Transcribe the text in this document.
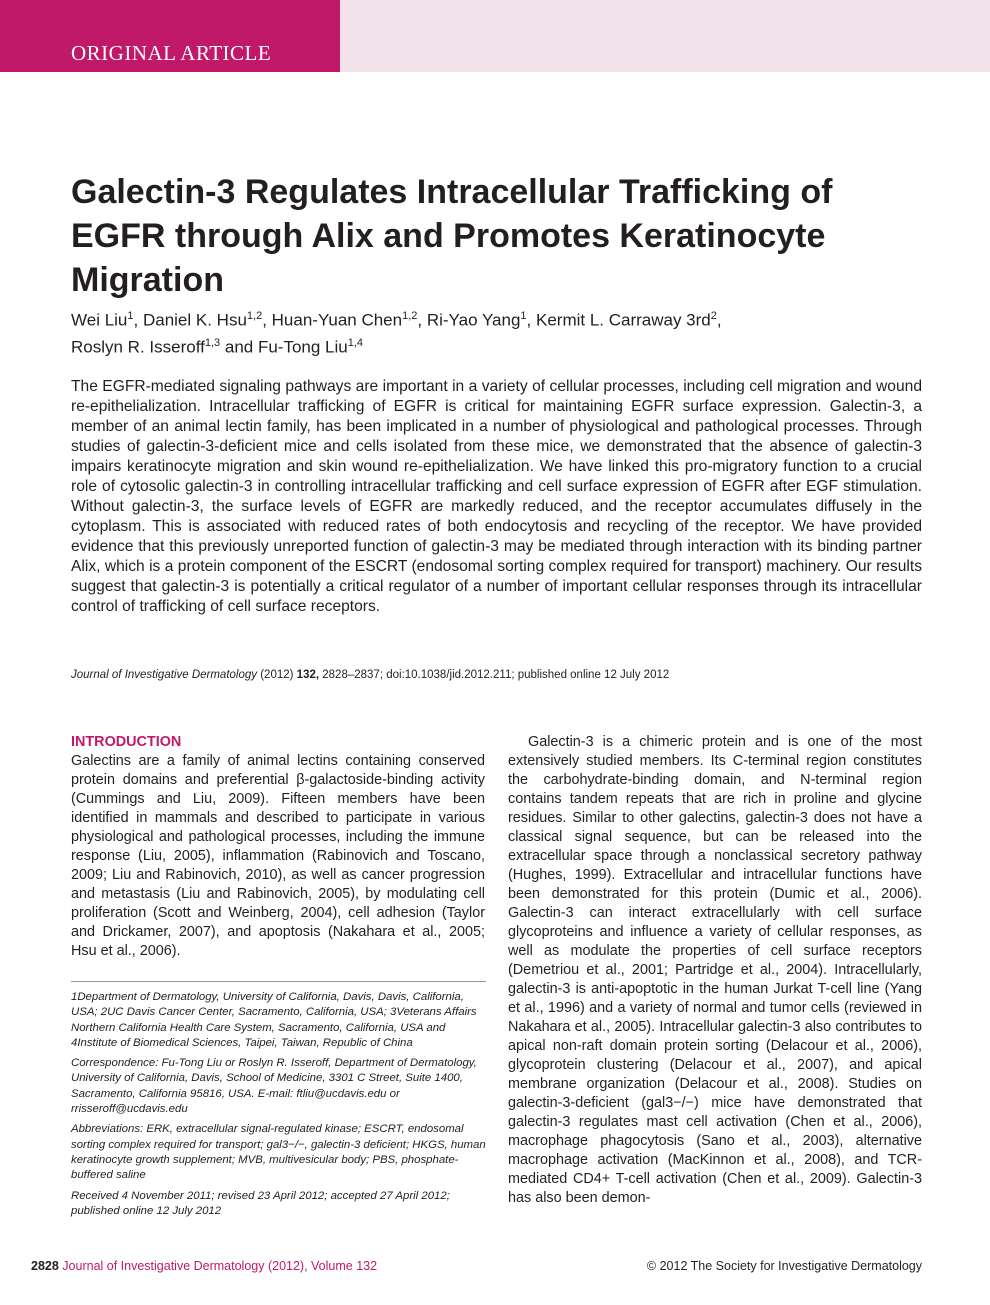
ORIGINAL ARTICLE
Galectin-3 Regulates Intracellular Trafficking of EGFR through Alix and Promotes Keratinocyte Migration
Wei Liu$^1$, Daniel K. Hsu$^{1,2}$, Huan-Yuan Chen$^{1,2}$, Ri-Yao Yang$^1$, Kermit L. Carraway $3rd^2$,
Roslyn R. Isseroff$^{1,3}$ and Fu-Tong Liu$^{1,4}$

The EGFR-mediated signaling pathways are important in a variety of cellular processes, including cell migration and wound re-epithelialization. Intracellular trafficking of EGFR is critical for maintaining EGFR surface expression. Galectin-3, a member of an animal lectin family, has been implicated in a number of physiological and pathological processes. Through studies of galectin-3-deficient mice and cells isolated from these mice, we demonstrated that the absence of galectin-3 impairs keratinocyte migration and skin wound re-epithelialization. We have linked this pro-migratory function to a crucial role of cytosolic galectin-3 in controlling intracellular trafficking and cell surface expression of EGFR after EGF stimulation. Without galectin-3, the surface levels of EGFR are markedly reduced, and the receptor accumulates diffusely in the cytoplasm. This is associated with reduced rates of both endocytosis and recycling of the receptor. We have provided evidence that this previously unreported function of galectin-3 may be mediated through interaction with its binding partner Alix, which is a protein component of the ESCRT (endosomal sorting complex required for transport) machinery. Our results suggest that galectin-3 is potentially a critical regulator of a number of important cellular responses through its intracellular control of trafficking of cell surface receptors.

Journal of Investigative Dermatology (2012) 132, 2828–2837; doi:10.1038/jid.2012.211; published online 12 July 2012

INTRODUCTION

Galectins are a family of animal lectins containing conserved protein domains and preferential β-galactoside-binding activity (Cummings and Liu, 2009). Fifteen members have been identified in mammals and described to participate in various physiological and pathological processes, including the immune response (Liu, 2005), inflammation (Rabinovich and Toscano, 2009; Liu and Rabinovich, 2010), as well as cancer progression and metastasis (Liu and Rabinovich, 2005), by modulating cell proliferation (Scott and Weinberg, 2004), cell adhesion (Taylor and Drickamer, 2007), and apoptosis (Nakahara et al., 2005; Hsu et al., 2006).

1Department of Dermatology, University of California, Davis, Davis, California, USA; 2UC Davis Cancer Center, Sacramento, California, USA; 3Veterans Affairs Northern California Health Care System, Sacramento, California, USA and 4Institute of Biomedical Sciences, Taipei, Taiwan, Republic of China

Correspondence: Fu-Tong Liu or Roslyn R. Isseroff, Department of Dermatology, University of California, Davis, School of Medicine, 3301 C Street, Suite 1400, Sacramento, California 95816, USA. E-mail: ftliu@ucdavis.edu or rrisseroff@ucdavis.edu

Abbreviations: ERK, extracellular signal-regulated kinase; ESCRT, endosomal sorting complex required for transport; gal3−/−, galectin-3 deficient; HKGS, human keratinocyte growth supplement; MVB, multivesicular body; PBS, phosphate-buffered saline

Received 4 November 2011; revised 23 April 2012; accepted 27 April 2012; published online 12 July 2012

Galectin-3 is a chimeric protein and is one of the most extensively studied members. Its C-terminal region constitutes the carbohydrate-binding domain, and N-terminal region contains tandem repeats that are rich in proline and glycine residues. Similar to other galectins, galectin-3 does not have a classical signal sequence, but can be released into the extracellular space through a nonclassical secretory pathway (Hughes, 1999). Extracellular and intracellular functions have been demonstrated for this protein (Dumic et al., 2006). Galectin-3 can interact extracellularly with cell surface glycoproteins and influence a variety of cellular responses, as well as modulate the properties of cell surface receptors (Demetriou et al., 2001; Partridge et al., 2004). Intracellularly, galectin-3 is anti-apoptotic in the human Jurkat T-cell line (Yang et al., 1996) and a variety of normal and tumor cells (reviewed in Nakahara et al., 2005). Intracellular galectin-3 also contributes to apical non-raft domain protein sorting (Delacour et al., 2006), glycoprotein clustering (Delacour et al., 2007), and apical membrane organization (Delacour et al., 2008). Studies on galectin-3-deficient (gal3−/−) mice have demonstrated that galectin-3 regulates mast cell activation (Chen et al., 2006), macrophage phagocytosis (Sano et al., 2003), alternative macrophage activation (MacKinnon et al., 2008), and TCR-mediated CD4+ T-cell activation (Chen et al., 2009). Galectin-3 has also been demon-

2828 Journal of Investigative Dermatology (2012), Volume 132	© 2012 The Society for Investigative Dermatology
